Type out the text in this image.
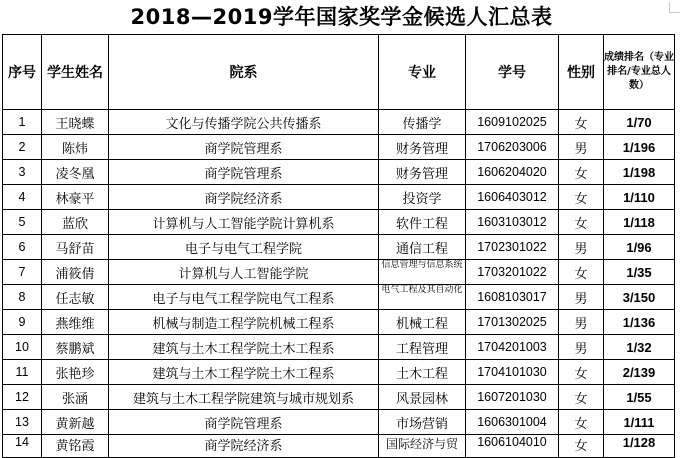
2018—2019学年国家奖学金候选人汇总表
序号	学生姓名	院系	专业	学号	性别	成绩排名（专业排名/专业总人数）
1	王晓蝶	文化与传播学院公共传播系	传播学	1609102025	女	1/70
2	陈炜	商学院管理系	财务管理	1706203006	男	1/196
3	凌冬凰	商学院管理系	财务管理	1606204020	女	1/198
4	林豪平	商学院经济系	投资学	1606403012	女	1/110
5	蓝欣	计算机与人工智能学院计算机系	软件工程	1603103012	女	1/118
6	马舒苗	电子与电气工程学院	通信工程	1702301022	男	1/96
7	浦筱倩	计算机与人工智能学院	信息管理与信息系统	1703201022	女	1/35
8	任志敏	电子与电气工程学院电气工程系	电气工程及其自动化	1608103017	男	3/150
9	燕维维	机械与制造工程学院机械工程系	机械工程	1701302025	男	1/136
10	蔡鹏斌	建筑与土木工程学院土木工程系	工程管理	1704201003	男	1/32
11	张艳珍	建筑与土木工程学院土木工程系	土木工程	1704101030	女	2/139
12	张涵	建筑与土木工程学院建筑与城市规划系	风景园林	1607201030	女	1/55
13	黄新越	商学院管理系	市场营销	1606301004	女	1/111
14	黄铭霞	商学院经济系	国际经济与贸	1606104010	女	1/128
